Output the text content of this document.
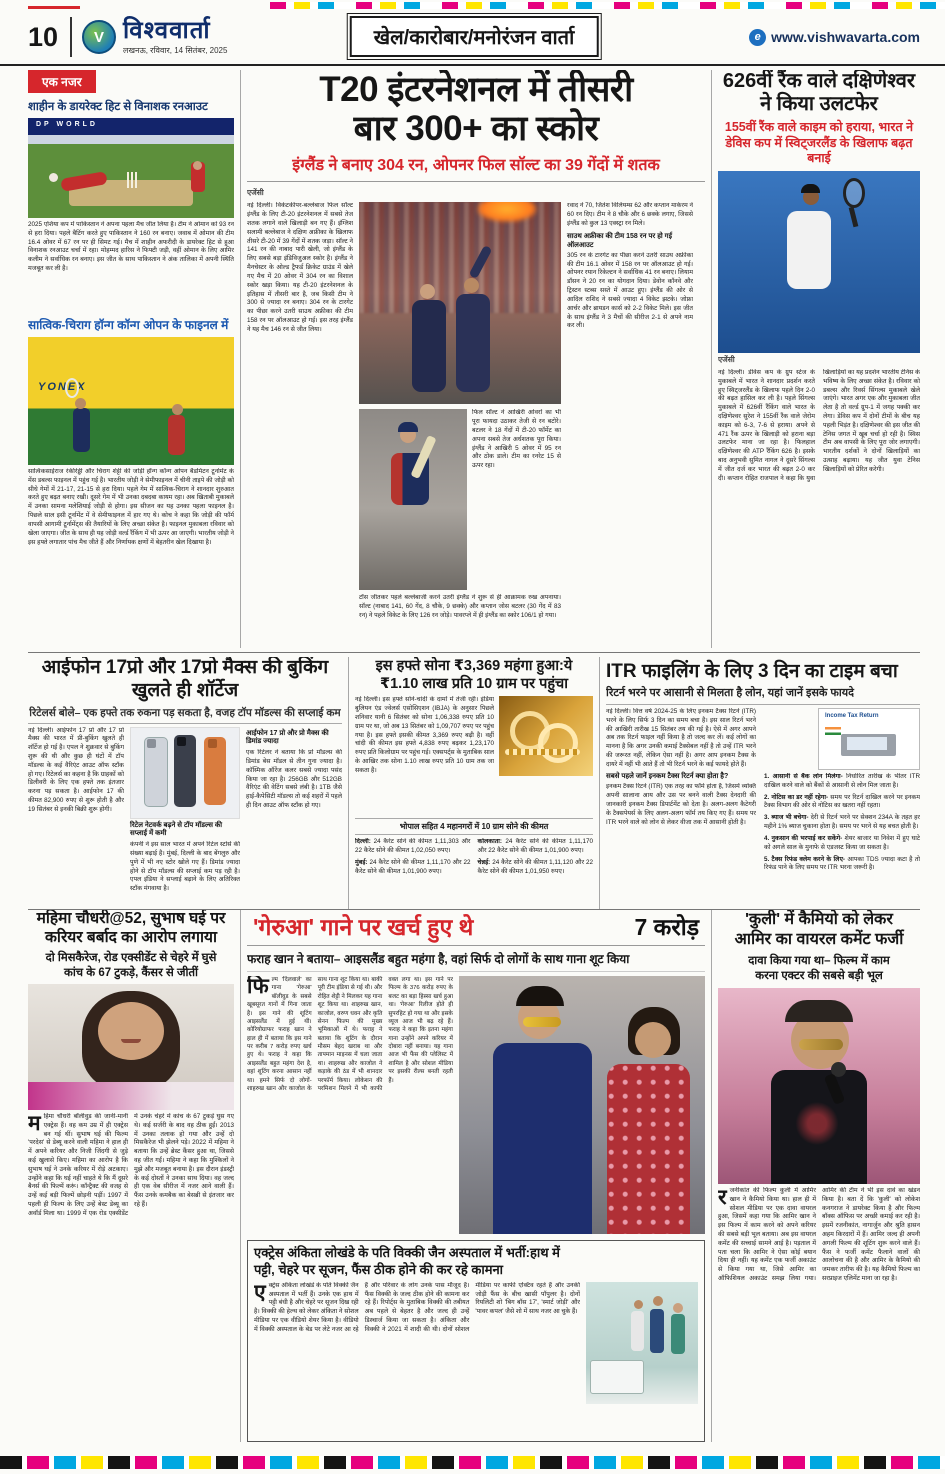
10	V विश्ववार्ता
लखनऊ, रविवार, 14 सितंबर, 2025
खेल/कारोबार/मनोरंजन वार्ता	e www.vishwavarta.com
एक नजर
शाहीन के डायरेक्ट हिट से विनाशक रनआउट
DP WORLD
2025 एशिया कप में पाकिस्तान ने अपना पहला मैच जीत लिया है। टीम ने ओमान को 93 रन से हरा दिया। पहले बैटिंग करते हुए पाकिस्तान ने 160 रन बनाए। जवाब में ओमान की टीम 16.4 ओवर में 67 रन पर ही सिमट गई। मैच में शाहीन अफरीदी के डायरेक्ट हिट से हुआ विनाशक रनआउट चर्चा में रहा। मोहम्मद हारिस ने फिफ्टी जड़ी, वहीं ओमान के लिए आमिर कलीम ने सर्वाधिक रन बनाए। इस जीत के साथ पाकिस्तान ने अंक तालिका में अपनी स्थिति मजबूत कर ली है।
सात्विक-चिराग हॉन्ग कॉन्ग ओपन के फाइनल में
YONEX
सात्विकसाईराज रंकीरेड्डी और चिराग शेट्टी की जोड़ी हॉन्ग कॉन्ग ओपन बैडमिंटन टूर्नामेंट के मेंस डबल्स फाइनल में पहुंच गई है। भारतीय जोड़ी ने सेमीफाइनल में चीनी ताइपे की जोड़ी को सीधे गेमों में 21-17, 21-15 से हरा दिया। पहले गेम में सात्विक-चिराग ने शानदार शुरुआत करते हुए बढ़त बनाए रखी। दूसरे गेम में भी उनका दबदबा कायम रहा। अब खिताबी मुकाबले में उनका सामना मलेशियाई जोड़ी से होगा। इस सीजन का यह उनका पहला फाइनल है। पिछले साल इसी टूर्नामेंट में वे सेमीफाइनल में हार गए थे। कोच ने कहा कि जोड़ी की फॉर्म वापसी आगामी टूर्नामेंट्स की तैयारियों के लिए अच्छा संकेत है। फाइनल मुकाबला रविवार को खेला जाएगा। जीत के साथ ही यह जोड़ी वर्ल्ड रैंकिंग में भी ऊपर आ जाएगी। भारतीय जोड़ी ने इस हफ्ते लगातार पांच मैच जीते हैं और निर्णायक क्षणों में बेहतरीन खेल दिखाया है।
T20 इंटरनेशनल में तीसरी
बार 300+ का स्कोर
इंग्लैंड ने बनाए 304 रन, ओपनर फिल सॉल्ट का 39 गेंदों में शतक
एजेंसी
नई दिल्ली। विकेटकीपर-बल्लेबाज फिल सॉल्ट इंग्लैंड के लिए टी-20 इंटरनेशनल में सबसे तेज शतक लगाने वाले खिलाड़ी बन गए हैं। इंग्लिश सलामी बल्लेबाज ने दक्षिण अफ्रीका के खिलाफ तीसरे टी-20 में 39 गेंदों में शतक जड़ा। सॉल्ट ने 141 रन की नाबाद पारी खेली, जो इंग्लैंड के लिए सबसे बड़ा इंडिविजुअल स्कोर है। इंग्लैंड ने मैनचेस्टर के ओल्ड ट्रैफर्ड क्रिकेट ग्राउंड में खेले गए मैच में 20 ओवर में 304 रन का विशाल स्कोर खड़ा किया। यह टी-20 इंटरनेशनल के इतिहास में तीसरी बार है, जब किसी टीम ने 300 से ज्यादा रन बनाए। 304 रन के टारगेट का पीछा करने उतरी साउथ अफ्रीका की टीम 158 रन पर ऑलआउट हो गई। इस तरह इंग्लैंड ने यह मैच 146 रन से जीत लिया।
फिल सॉल्ट ने आखिरी ओवरों का भी पूरा फायदा उठाकर तेजी से रन बटोरे। बटलर ने 18 गेंदों में टी-20 फॉर्मेट का अपना सबसे तेज अर्धशतक पूरा किया। इंग्लैंड ने आखिरी 5 ओवर में 95 रन और ठोक डाले। टीम का रनरेट 15 से ऊपर रहा।
टॉस जीतकर पहले बल्लेबाजी करने उतरी इंग्लैंड ने शुरू से ही आक्रामक रुख अपनाया। सॉल्ट (नाबाद 141, 60 गेंद, 8 चौके, 9 छक्के) और कप्तान जोस बटलर (30 गेंद में 83 रन) ने पहले विकेट के लिए 126 रन जोड़े। पावरप्ले में ही इंग्लैंड का स्कोर 106/1 हो गया।
रवाद ने 70, जितेश विलियम्स 62 और कप्तान मार्करम ने 60 रन दिए। टीम ने 8 चौके और 6 छक्के लगाए, जिससे इंग्लैंड को कुल 13 एक्स्ट्रा रन मिले।
साउथ अफ्रीका की टीम 158 रन पर हो गई ऑलआउट
305 रन के टारगेट का पीछा करने उतरी साउथ अफ्रीका की टीम 16.1 ओवर में 158 रन पर ऑलआउट हो गई। ओपनर रयान रिकेल्टन ने सर्वाधिक 41 रन बनाए। लियाम डॉसन ने 20 रन का योगदान दिया। डेवोन कॉनवे और ट्रिस्टन स्टब्स सस्ते में आउट हुए। इंग्लैंड की ओर से आदिल राशिद ने सबसे ज्यादा 4 विकेट झटके। जोफ्रा आर्चर और ब्रायडन कार्स को 2-2 विकेट मिले। इस जीत के साथ इंग्लैंड ने 3 मैचों की सीरीज 2-1 से अपने नाम कर ली।
626वीं रैंक वाले दक्षिणेश्वर
ने किया उलटफेर
155वीं रैंक वाले काइम को हराया, भारत ने डेविस कप में स्विट्जरलैंड के खिलाफ बढ़त बनाई
एजेंसी
नई दिल्ली। डेविस कप के ग्रुप स्टेज के मुकाबले में भारत ने शानदार प्रदर्शन करते हुए स्विट्जरलैंड के खिलाफ पहले दिन 2-0 की बढ़त हासिल कर ली है। पहले सिंगल्स मुकाबले में 626वीं रैंकिंग वाले भारत के दक्षिणेश्वर सुरेश ने 155वीं रैंक वाले जेरोम काइम को 6-3, 7-6 से हराया। अपने से 471 रैंक ऊपर के खिलाड़ी को हराना बड़ा उलटफेर माना जा रहा है। फिलहाल दक्षिणेश्वर की ATP रैंकिंग 626 है। इसके बाद अनुभवी सुमित नागल ने दूसरे सिंगल्स में जीत दर्ज कर भारत की बढ़त 2-0 कर दी। कप्तान रोहित राजपाल ने कहा कि युवा खिलाड़ियों का यह प्रदर्शन भारतीय टेनिस के भविष्य के लिए अच्छा संकेत है। रविवार को डबल्स और रिवर्स सिंगल्स मुकाबले खेले जाएंगे। भारत अगर एक और मुकाबला जीत लेता है तो वर्ल्ड ग्रुप-1 में जगह पक्की कर लेगा। डेविस कप में दोनों टीमों के बीच यह पहली भिड़ंत है। दक्षिणेश्वर की इस जीत की टेनिस जगत में खूब चर्चा हो रही है। स्विस टीम अब वापसी के लिए पूरा जोर लगाएगी। भारतीय दर्शकों ने दोनों खिलाड़ियों का उत्साह बढ़ाया। यह जीत युवा टेनिस खिलाड़ियों को प्रेरित करेगी।
आईफोन 17प्रो और 17प्रो मैक्स की बुकिंग खुलते ही शॉर्टेज
रिटेलर्स बोले– एक हफ्ते तक रुकना पड़ सकता है, वजह टॉप मॉडल्स की सप्लाई कम
नई दिल्ली। आईफोन 17 प्रो और 17 प्रो मैक्स की भारत में प्री-बुकिंग खुलते ही शॉर्टेज हो गई है। एपल ने शुक्रवार से बुकिंग शुरू की थी और कुछ ही घंटों में टॉप मॉडल्स के कई वैरिएंट आउट ऑफ स्टॉक हो गए। रिटेलर्स का कहना है कि ग्राहकों को डिलीवरी के लिए एक हफ्ते तक इंतजार करना पड़ सकता है। आईफोन 17 की कीमत 82,900 रुपए से शुरू होती है और 19 सितंबर से इनकी बिक्री शुरू होगी।
रिटेल नेटवर्क बढ़ने से टॉप मॉडल्स की सप्लाई में कमी
कंपनी ने इस साल भारत में अपने रिटेल स्टोर्स की संख्या बढ़ाई है। मुंबई, दिल्ली के बाद बेंगलुरु और पुणे में भी नए स्टोर खोले गए हैं। डिमांड ज्यादा होने से टॉप मॉडल्स की सप्लाई कम पड़ रही है। एपल इंडिया ने सप्लाई बढ़ाने के लिए अतिरिक्त स्टॉक मंगवाया है।
आईफोन 17 प्रो और प्रो मैक्स की डिमांड ज्यादा
एक रिटेलर ने बताया कि प्रो मॉडल्स की डिमांड बेस मॉडल से तीन गुना ज्यादा है। कॉस्मिक ऑरेंज कलर सबसे ज्यादा पसंद किया जा रहा है। 256GB और 512GB वैरिएंट की वेटिंग सबसे लंबी है। 1TB जैसे हाई-कैपेसिटी मॉडल्स तो कई शहरों में पहले ही दिन आउट ऑफ स्टॉक हो गए।
इस हफ्ते सोना ₹3,369 महंगा हुआ:ये
₹1.10 लाख प्रति 10 ग्राम पर पहुंचा
नई दिल्ली। इस हफ्ते सोने-चांदी के दामों में तेजी रही। इंडिया बुलियन एंड ज्वेलर्स एसोसिएशन (IBJA) के अनुसार पिछले शनिवार यानी 6 सितंबर को सोना 1,06,338 रुपए प्रति 10 ग्राम पर था, जो अब 13 सितंबर को 1,09,707 रुपए पर पहुंच गया है। इस हफ्ते इसकी कीमत 3,369 रुपए बढ़ी है। वहीं चांदी की कीमत इस हफ्ते 4,838 रुपए बढ़कर 1,23,170 रुपए प्रति किलोग्राम पर पहुंच गई। एक्सपर्ट्स के मुताबिक साल के आखिर तक सोना 1.10 लाख रुपए प्रति 10 ग्राम तक जा सकता है।
भोपाल सहित 4 महानगरों में 10 ग्राम सोने की कीमत
दिल्ली: 24 कैरेट सोने की कीमत 1,11,303 और 22 कैरेट सोने की कीमत 1,02,050 रुपए।
मुंबई: 24 कैरेट सोने की कीमत 1,11,170 और 22 कैरेट सोने की कीमत 1,01,900 रुपए।
कोलकाता: 24 कैरेट सोने की कीमत 1,11,170 और 22 कैरेट सोने की कीमत 1,01,900 रुपए।
चेन्नई: 24 कैरेट सोने की कीमत 1,11,120 और 22 कैरेट सोने की कीमत 1,01,950 रुपए।
ITR फाइलिंग के लिए 3 दिन का टाइम बचा
रिटर्न भरने पर आसानी से मिलता है लोन, यहां जानें इसके फायदे
नई दिल्ली। वित्त वर्ष 2024-25 के लिए इनकम टैक्स रिटर्न (ITR) भरने के लिए सिर्फ 3 दिन का समय बचा है। इस साल रिटर्न भरने की आखिरी तारीख 15 सितंबर तय की गई है। ऐसे में अगर आपने अब तक रिटर्न फाइल नहीं किया है तो जल्द कर लें। कई लोगों का मानना है कि अगर उनकी कमाई टैक्सेबल नहीं है तो उन्हें ITR भरने की जरूरत नहीं, लेकिन ऐसा नहीं है। अगर आप इनकम टैक्स के दायरे में नहीं भी आते हैं तो भी रिटर्न भरने के कई फायदे होते हैं।
सबसे पहले जानें इनकम टैक्स रिटर्न क्या होता है?
इनकम टैक्स रिटर्न (ITR) एक तरह का फॉर्म होता है, जिसमें व्यक्ति अपनी सालाना आय और उस पर बनने वाली टैक्स देनदारी की जानकारी इनकम टैक्स डिपार्टमेंट को देता है। अलग-अलग कैटेगरी के टैक्सपेयर्स के लिए अलग-अलग फॉर्म तय किए गए हैं। समय पर ITR भरने वाले को लोन से लेकर वीजा तक में आसानी होती है।
Income Tax Return
1. आसानी से बैंक लोन मिलेगा- निर्धारित तारीख के भीतर ITR दाखिल करने वाले को बैंकों से आसानी से लोन मिल जाता है।
2. नोटिस का डर नहीं रहेगा- समय पर रिटर्न दाखिल करने पर इनकम टैक्स विभाग की ओर से नोटिस का खतरा नहीं रहता।
3. ब्याज भी बचेगा- देरी से रिटर्न भरने पर सेक्शन 234A के तहत हर महीने 1% ब्याज चुकाना होता है। समय पर भरने से यह बचत होती है।
4. नुकसान की भरपाई कर सकेंगे- शेयर बाजार या निवेश में हुए घाटे को अगले साल के मुनाफे से एडजस्ट किया जा सकता है।
5. टैक्स रिफंड क्लेम करने के लिए- आपका TDS ज्यादा कटा है तो रिफंड पाने के लिए समय पर ITR भरना जरूरी है।
महिमा चौधरी@52, सुभाष घई पर
करियर बर्बाद का आरोप लगाया
दो मिसकैरेज, रोड एक्सीडेंट से चेहरे में घुसे
कांच के 67 टुकड़े, कैंसर से जीतीं
महिमा चौधरी बॉलीवुड की जानी-मानी एक्ट्रेस हैं। वह कम उम्र में ही एक्ट्रेस बन गई थीं। सुभाष घई की फिल्म 'परदेस' से डेब्यू करने वाली महिमा ने हाल ही में अपने करियर और निजी जिंदगी से जुड़े कई खुलासे किए। महिमा का आरोप है कि सुभाष घई ने उनके करियर में रोड़े अटकाए। उन्होंने कहा कि घई नहीं चाहते थे कि मैं दूसरे बैनर्स की फिल्में करूं। कॉन्ट्रैक्ट की वजह से उन्हें कई बड़ी फिल्में छोड़नी पड़ीं। 1997 में पहली ही फिल्म के लिए उन्हें बेस्ट डेब्यू का अवॉर्ड मिला था। 1999 में एक रोड एक्सीडेंट में उनके चेहरे में कांच के 67 टुकड़े घुस गए थे। कई सर्जरी के बाद वह ठीक हुईं। 2013 में उनका तलाक हो गया और उन्हें दो मिसकैरेज भी झेलने पड़े। 2022 में महिमा ने बताया कि उन्हें ब्रेस्ट कैंसर हुआ था, जिससे वह जीत गईं। महिमा ने कहा कि मुश्किलों ने मुझे और मजबूत बनाया है। इस दौरान इंडस्ट्री के कई दोस्तों ने उनका साथ दिया। वह जल्द ही एक वेब सीरीज में नजर आने वाली हैं। फैंस उनके कमबैक का बेसब्री से इंतजार कर रहे हैं।
'गेरुआ' गाने पर खर्च हुए थे	7 करोड़
फराह खान ने बताया– आइसलैंड बहुत महंगा है, वहां सिर्फ दो लोगों के साथ गाना शूट किया
फिल्म 'दिलवाले' का गाना 'गेरुआ' बॉलीवुड के सबसे खूबसूरत गानों में गिना जाता है। इस गाने की शूटिंग आइसलैंड में हुई थी। कोरियोग्राफर फराह खान ने हाल ही में बताया कि इस गाने पर करीब 7 करोड़ रुपए खर्च हुए थे। फराह ने कहा कि आइसलैंड बहुत महंगा देश है, वहां शूटिंग करना आसान नहीं था। हमने सिर्फ दो लोगों- शाहरुख खान और काजोल के साथ गाना शूट किया था। बाकी पूरी टीम इंडिया से गई थी। और रोहित शेट्टी ने मिलकर यह गाना शूट किया था। शाहरुख खान, काजोल, वरुण धवन और कृति सेनन फिल्म की मुख्य भूमिकाओं में थे। फराह ने बताया कि शूटिंग के दौरान मौसम बेहद खराब था और तापमान माइनस में चला जाता था। शाहरुख और काजोल ने कड़ाके की ठंड में भी शानदार परफॉर्म किया। लोकेशन की परमिशन मिलने में भी काफी वक्त लगा था। इस गाने पर फिल्म के 376 करोड़ रुपए के बजट का बड़ा हिस्सा खर्च हुआ था। 'गेरुआ' रिलीज होते ही सुपरहिट हो गया था और इसके व्यूज आज भी बढ़ रहे हैं। फराह ने कहा कि इतना महंगा गाना उन्होंने अपने करियर में दोबारा नहीं बनाया। यह गाना आज भी फैंस की प्लेलिस्ट में शामिल है और सोशल मीडिया पर इसकी रील्स बनती रहती हैं।
एक्ट्रेस अंकिता लोखंडे के पति विक्की जैन अस्पताल में भर्ती:हाथ में
पट्टी, चेहरे पर सूजन, फैंस ठीक होने की कर रहे कामना
एक्ट्रेस अंकिता लोखंडे के पति विक्की जैन अस्पताल में भर्ती हैं। उनके एक हाथ में पट्टी बंधी है और चेहरे पर सूजन दिख रही है। विक्की की हेल्थ को लेकर अंकिता ने सोशल मीडिया पर एक वीडियो शेयर किया है। वीडियो में विक्की अस्पताल के बेड पर लेटे नजर आ रहे हैं और परिवार के लोग उनके पास मौजूद हैं। फैंस विक्की के जल्द ठीक होने की कामना कर रहे हैं। रिपोर्ट्स के मुताबिक विक्की की तबीयत अब पहले से बेहतर है और जल्द ही उन्हें डिस्चार्ज किया जा सकता है। अंकिता और विक्की ने 2021 में शादी की थी। दोनों सोशल मीडिया पर काफी एक्टिव रहते हैं और उनकी जोड़ी फैंस के बीच खासी पॉपुलर है। दोनों रियलिटी शो 'बिग बॉस 17', 'स्मार्ट जोड़ी' और 'पावर कपल' जैसे शो में साथ नजर आ चुके हैं।
'कुली' में कैमियो को लेकर
आमिर का वायरल कमेंट फर्जी
दावा किया गया था– फिल्म में काम
करना एक्टर की सबसे बड़ी भूल
रजनीकांत की फिल्म कुली में आमिर खान ने कैमियो किया था। हाल ही में सोशल मीडिया पर एक दावा वायरल हुआ, जिसमें कहा गया कि आमिर खान ने इस फिल्म में काम करने को अपने करियर की सबसे बड़ी भूल बताया। अब इस वायरल कमेंट की सच्चाई सामने आई है। पड़ताल में पता चला कि आमिर ने ऐसा कोई बयान दिया ही नहीं। यह कमेंट एक फर्जी अकाउंट से किया गया था, जिसे आमिर का ऑफिशियल अकाउंट समझ लिया गया। आमिर की टीम ने भी इस दावे का खंडन किया है। बता दें कि 'कुली' को लोकेश कनगराज ने डायरेक्ट किया है और फिल्म बॉक्स ऑफिस पर अच्छी कमाई कर रही है। इसमें रजनीकांत, नागार्जुन और श्रुति हासन अहम किरदारों में हैं। आमिर जल्द ही अपनी अगली फिल्म की शूटिंग शुरू करने वाले हैं। फैंस ने फर्जी कमेंट फैलाने वालों की आलोचना की है और आमिर के कैमियो की जमकर तारीफ की है। यह कैमियो फिल्म का सरप्राइज एलिमेंट माना जा रहा है।
